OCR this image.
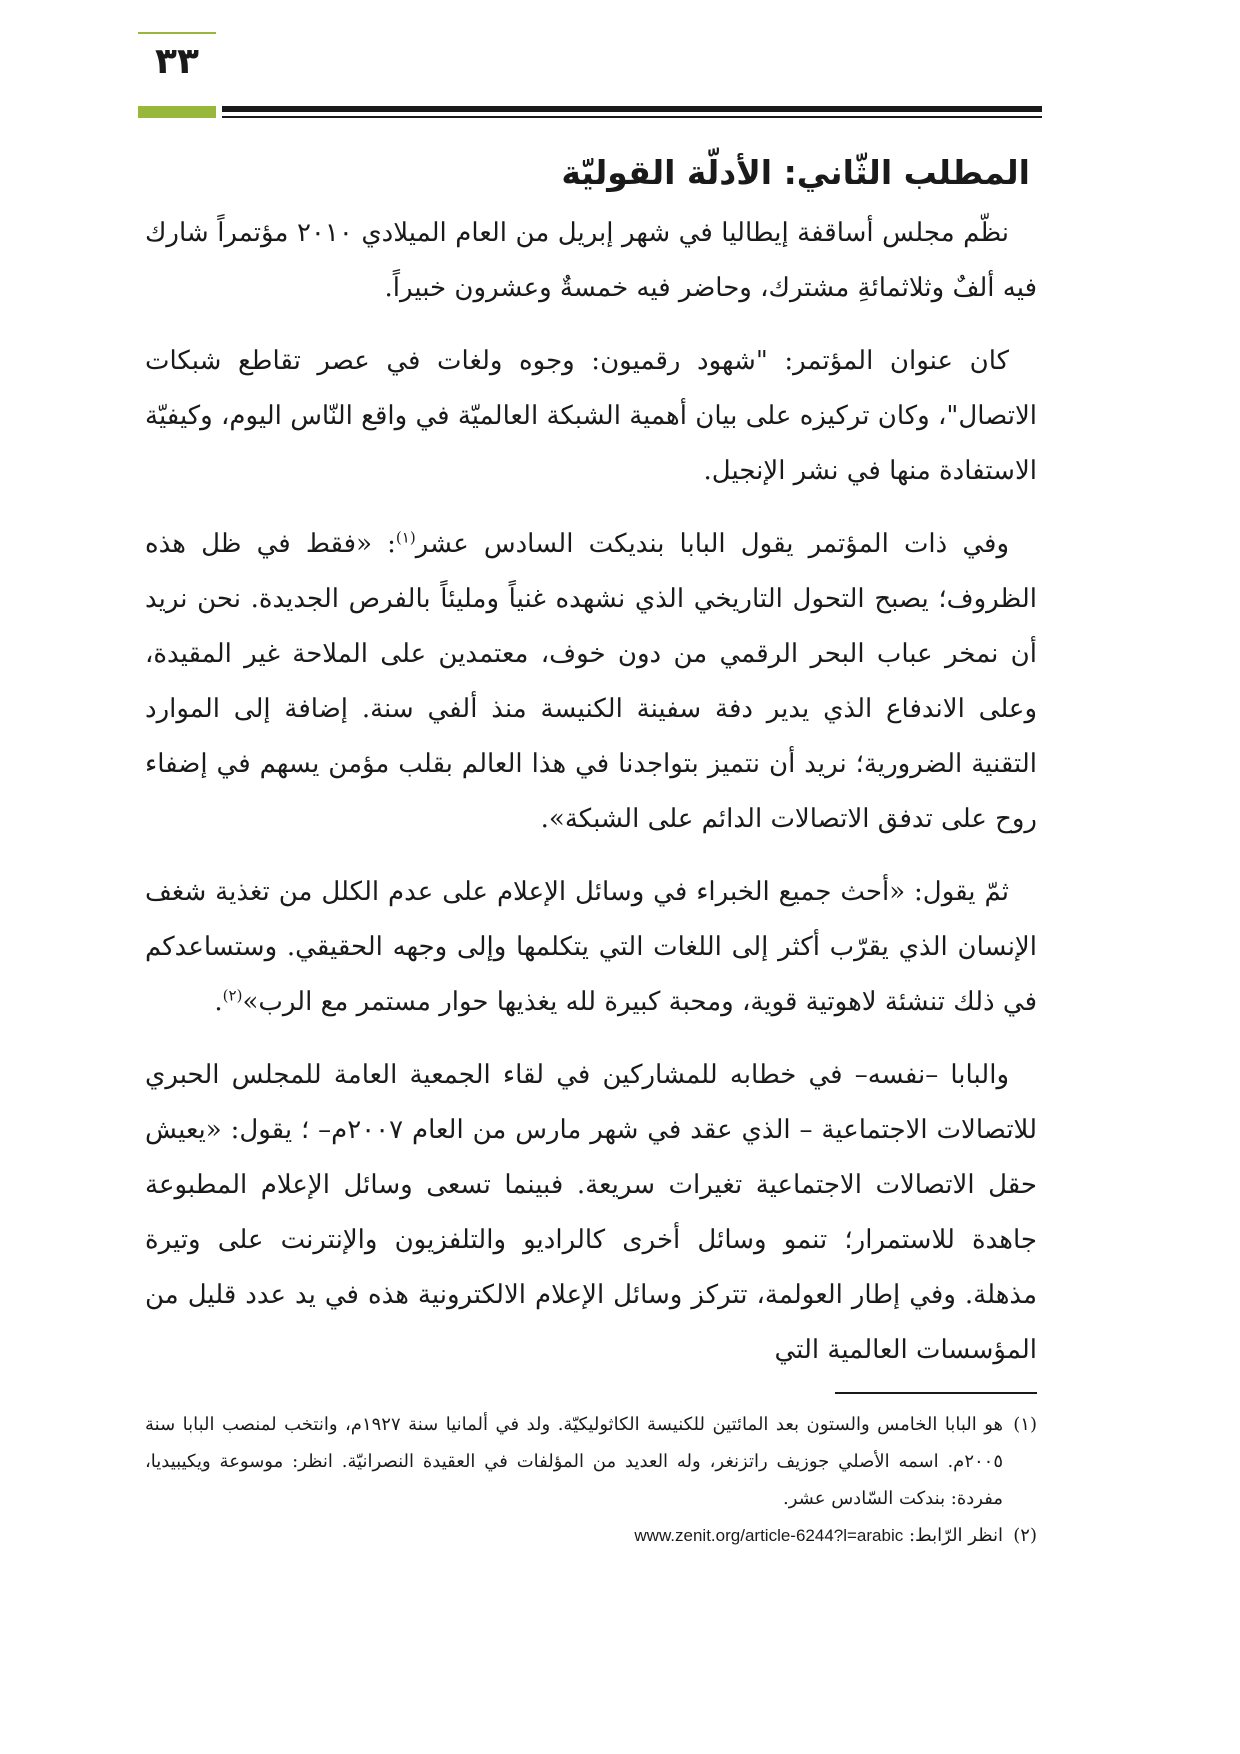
٣٣
المطلب الثّاني: الأدلّة القوليّة

نظّم مجلس أساقفة إيطاليا في شهر إبريل من العام الميلادي ٢٠١٠ مؤتمراً شارك فيه ألفٌ وثلاثمائةِ مشترك، وحاضر فيه خمسةٌ وعشرون خبيراً.

كان عنوان المؤتمر: "شهود رقميون: وجوه ولغات في عصر تقاطع شبكات الاتصال"، وكان تركيزه على بيان أهمية الشبكة العالميّة في واقع النّاس اليوم، وكيفيّة الاستفادة منها في نشر الإنجيل.

وفي ذات المؤتمر يقول البابا بنديكت السادس عشر$^{(١)}$: «فقط في ظل هذه الظروف؛ يصبح التحول التاريخي الذي نشهده غنياً ومليئاً بالفرص الجديدة. نحن نريد أن نمخر عباب البحر الرقمي من دون خوف، معتمدين على الملاحة غير المقيدة، وعلى الاندفاع الذي يدير دفة سفينة الكنيسة منذ ألفي سنة. إضافة إلى الموارد التقنية الضرورية؛ نريد أن نتميز بتواجدنا في هذا العالم بقلب مؤمن يسهم في إضفاء روح على تدفق الاتصالات الدائم على الشبكة».

ثمّ يقول: «أحث جميع الخبراء في وسائل الإعلام على عدم الكلل من تغذية شغف الإنسان الذي يقرّب أكثر إلى اللغات التي يتكلمها وإلى وجهه الحقيقي. وستساعدكم في ذلك تنشئة لاهوتية قوية، ومحبة كبيرة لله يغذيها حوار مستمر مع الرب»$^{(٢)}$.

والبابا –نفسه– في خطابه للمشاركين في لقاء الجمعية العامة للمجلس الحبري للاتصالات الاجتماعية – الذي عقد في شهر مارس من العام ٢٠٠٧م– ؛ يقول: «يعيش حقل الاتصالات الاجتماعية تغيرات سريعة. فبينما تسعى وسائل الإعلام المطبوعة جاهدة للاستمرار؛ تنمو وسائل أخرى كالراديو والتلفزيون والإنترنت على وتيرة مذهلة. وفي إطار العولمة، تتركز وسائل الإعلام الالكترونية هذه في يد عدد قليل من المؤسسات العالمية التي

(١)
هو البابا الخامس والستون بعد المائتين للكنيسة الكاثوليكيّة. ولد في ألمانيا سنة ١٩٢٧م، وانتخب لمنصب البابا سنة ٢٠٠٥م. اسمه الأصلي جوزيف راتزنغر، وله العديد من المؤلفات في العقيدة النصرانيّة. انظر: موسوعة ويكيبيديا، مفردة: بندكت السّادس عشر.
(٢)
انظر الرّابط: www.zenit.org/article-6244?l=arabic
